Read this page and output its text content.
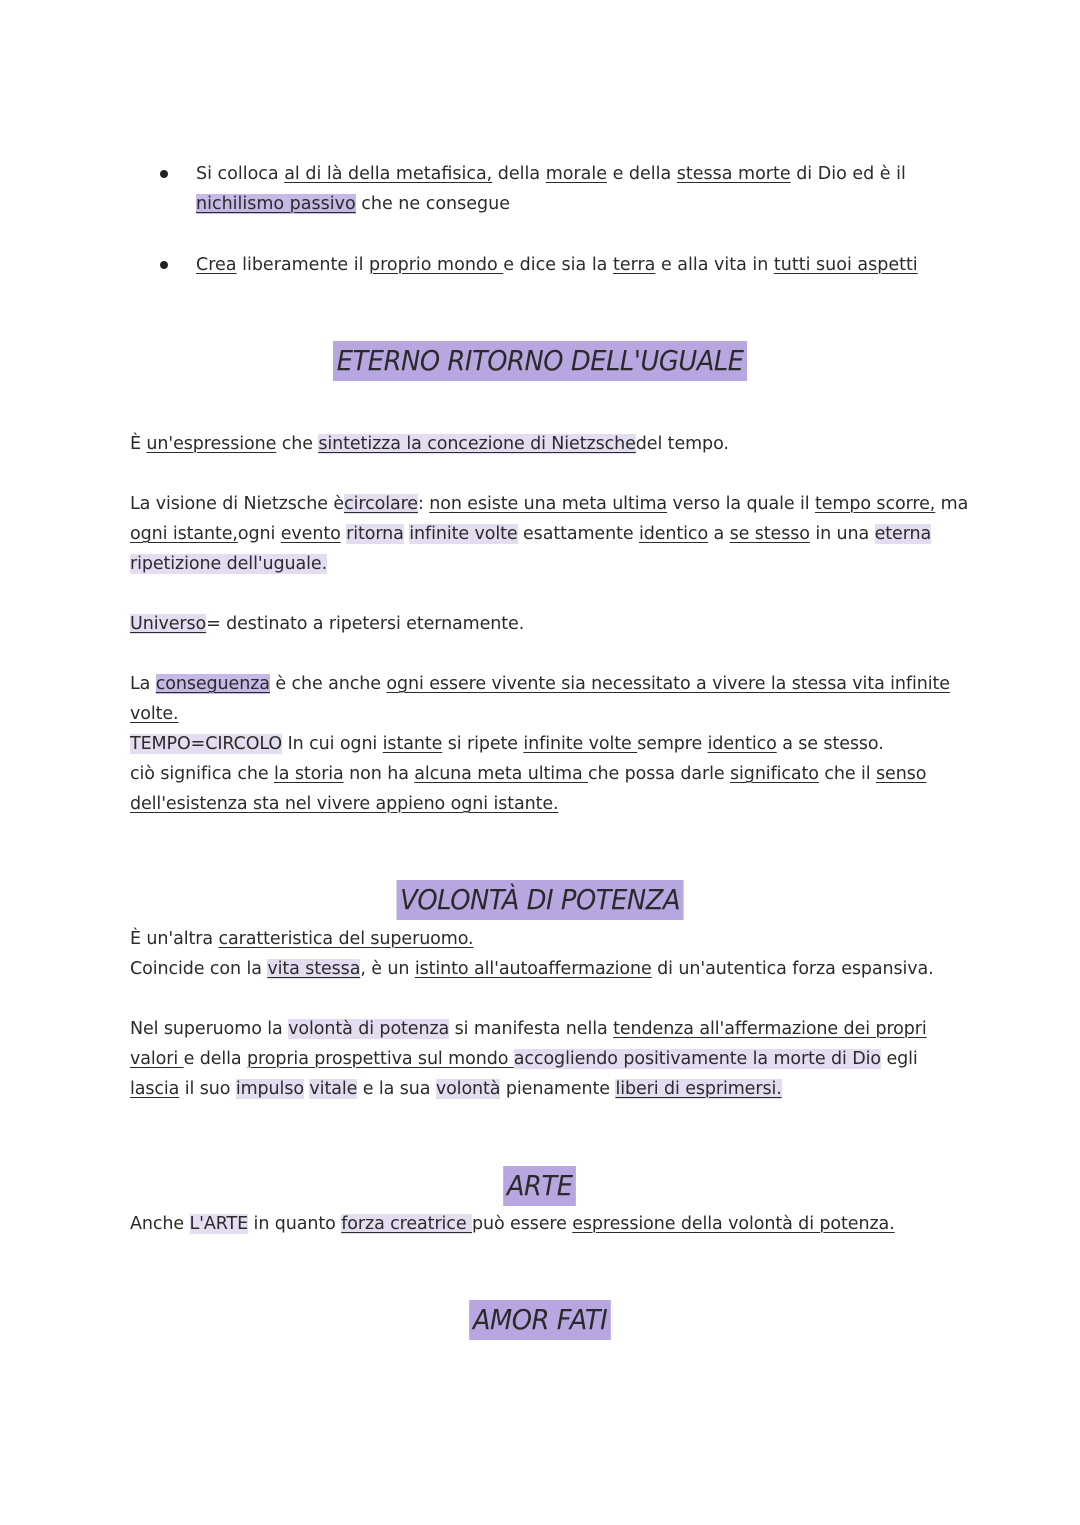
Si colloca al di là della metafisica, della morale e della stessa morte di Dio ed è il
nichilismo passivo che ne consegue
Crea liberamente il proprio mondo e dice sia la terra e alla vita in tutti suoi aspetti
ETERNO RITORNO DELL'UGUALE
È un'espressione che sintetizza la concezione di Nietzschedel tempo.
La visione di Nietzsche ècircolare: non esiste una meta ultima verso la quale il tempo scorre, ma
ogni istante,ogni evento ritorna infinite volte esattamente identico a se stesso in una eterna
ripetizione dell'uguale.
Universo= destinato a ripetersi eternamente.
La conseguenza è che anche ogni essere vivente sia necessitato a vivere la stessa vita infinite
volte.
TEMPO=CIRCOLO In cui ogni istante si ripete infinite volte sempre identico a se stesso.
ciò significa che la storia non ha alcuna meta ultima che possa darle significato che il senso
dell'esistenza sta nel vivere appieno ogni istante.
VOLONTÀ DI POTENZA
È un'altra caratteristica del superuomo.
Coincide con la vita stessa, è un istinto all'autoaffermazione di un'autentica forza espansiva.
Nel superuomo la volontà di potenza si manifesta nella tendenza all'affermazione dei propri
valori e della propria prospettiva sul mondo accogliendo positivamente la morte di Dio egli
lascia il suo impulso vitale e la sua volontà pienamente liberi di esprimersi.
ARTE
Anche L'ARTE in quanto forza creatrice può essere espressione della volontà di potenza.
AMOR FATI
